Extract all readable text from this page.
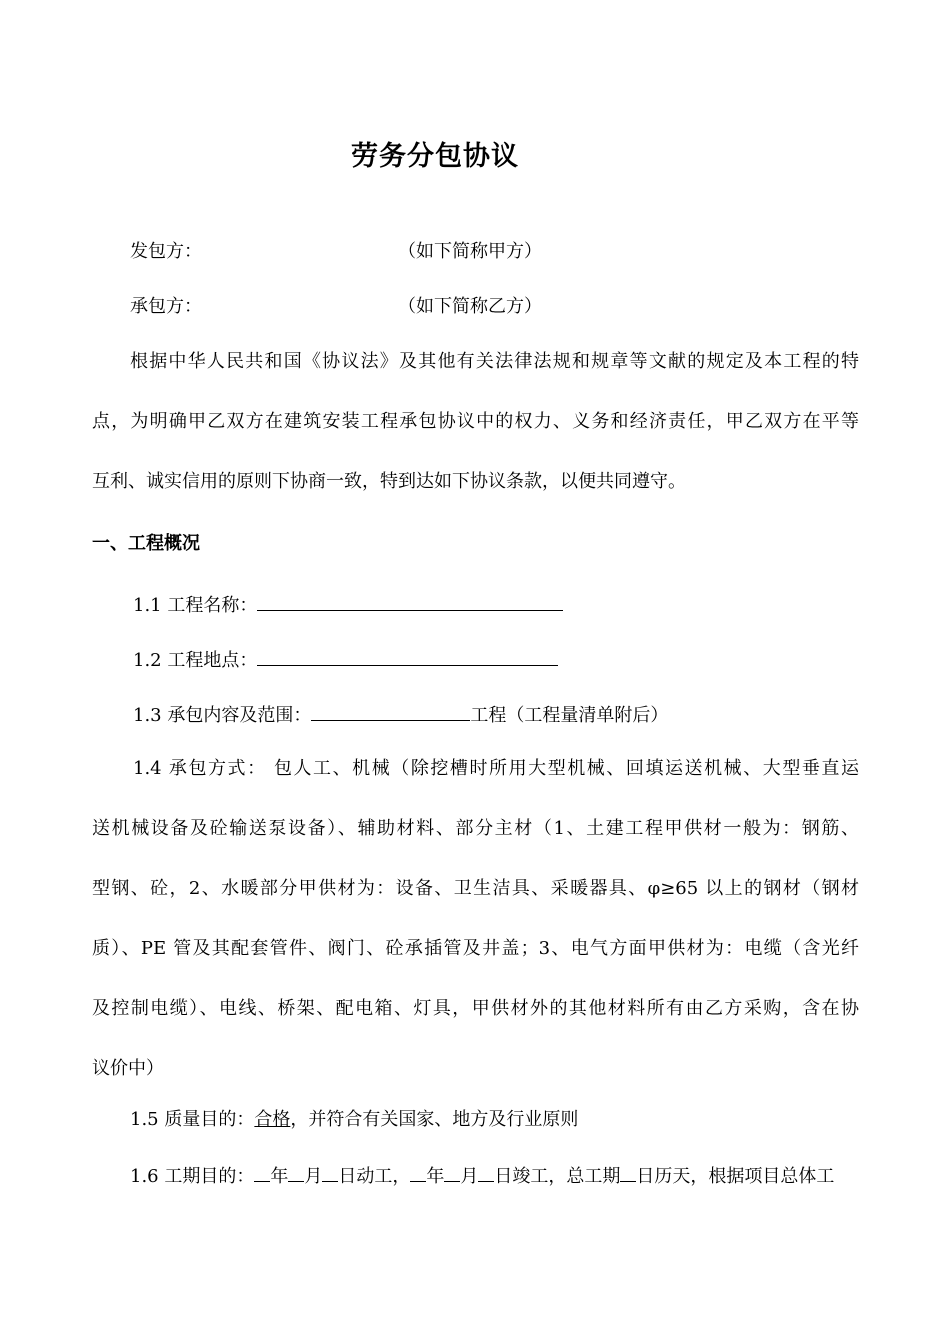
劳务分包协议
发包方：	（如下简称甲方）
承包方：	（如下简称乙方）
根据中华人民共和国《协议法》及其他有关法律法规和规章等文献的规定及本工程的特
点，为明确甲乙双方在建筑安装工程承包协议中的权力、义务和经济责任，甲乙双方在平等
互利、诚实信用的原则下协商一致，特到达如下协议条款，以便共同遵守。
一、工程概况
1.1 工程名称：
1.2 工程地点：
1.3 承包内容及范围：	工程（工程量清单附后）
1.4 承包方式： 包人工、机械（除挖槽时所用大型机械、回填运送机械、大型垂直运
送机械设备及砼输送泵设备）、辅助材料、部分主材（1、土建工程甲供材一般为：钢筋、
型钢、砼，2、水暖部分甲供材为：设备、卫生洁具、采暖器具、φ≥65 以上的钢材（钢材
质）、PE 管及其配套管件、阀门、砼承插管及井盖；3、电气方面甲供材为：电缆（含光纤
及控制电缆）、电线、桥架、配电箱、灯具，甲供材外的其他材料所有由乙方采购，含在协
议价中）
1.5 质量目的：合格，并符合有关国家、地方及行业原则
1.6 工期目的： 年 月 日动工， 年 月 日竣工，总工期 日历天，根据项目总体工
